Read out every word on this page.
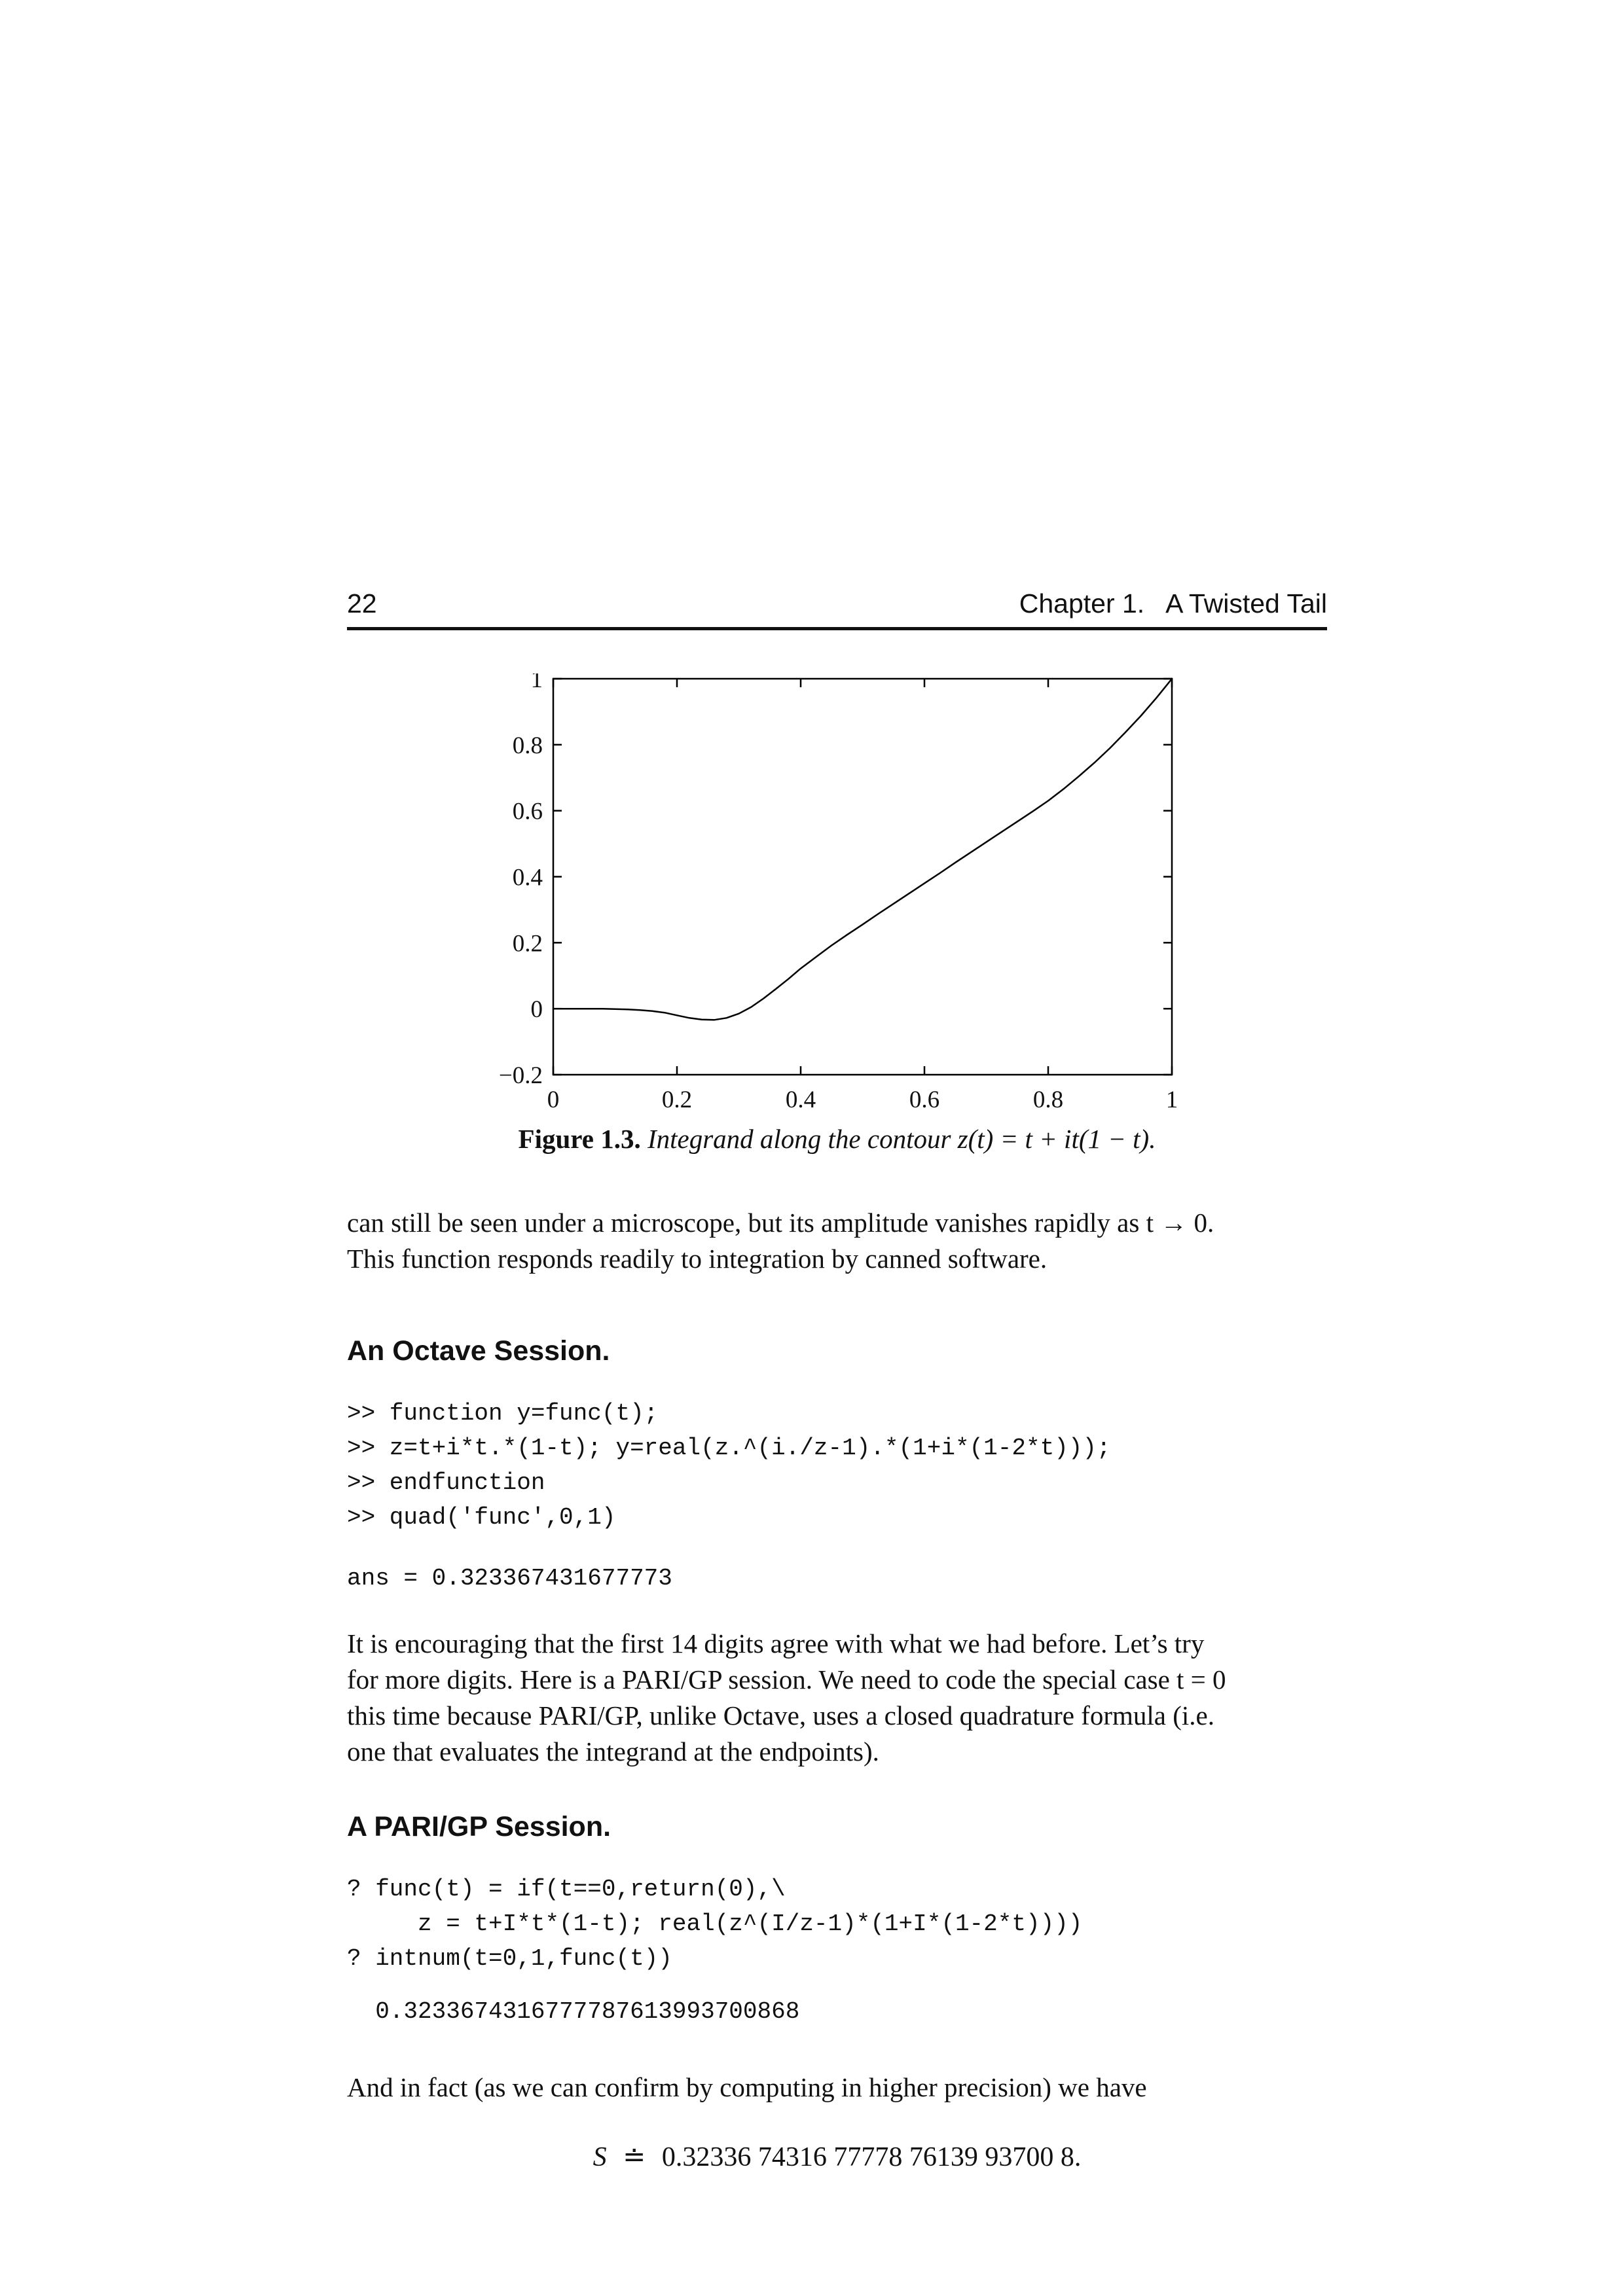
22	Chapter 1.   A Twisted Tail
−0.2
0
0.2
0.4
0.6
0.8
1
0	0.2	0.4	0.6	0.8	1
Figure 1.3. Integrand along the contour z(t) = t + it(1 − t).

can still be seen under a microscope, but its amplitude vanishes rapidly as t → 0.
This function responds readily to integration by canned software.

An Octave Session.
>> function y=func(t);
>> z=t+i*t.*(1-t); y=real(z.^(i./z-1).*(1+i*(1-2*t)));
>> endfunction
>> quad('func',0,1)
ans = 0.323367431677773

It is encouraging that the first 14 digits agree with what we had before. Let’s try
for more digits. Here is a PARI/GP session. We need to code the special case t = 0
this time because PARI/GP, unlike Octave, uses a closed quadrature formula (i.e.
one that evaluates the integrand at the endpoints).

A PARI/GP Session.
? func(t) = if(t==0,return(0),\
z = t+I*t*(1-t); real(z^(I/z-1)*(1+I*(1-2*t))))
? intnum(t=0,1,func(t))
0.3233674316777787613993700868

And in fact (as we can confirm by computing in higher precision) we have

S ≐ 0.32336 74316 77778 76139 93700 8.
